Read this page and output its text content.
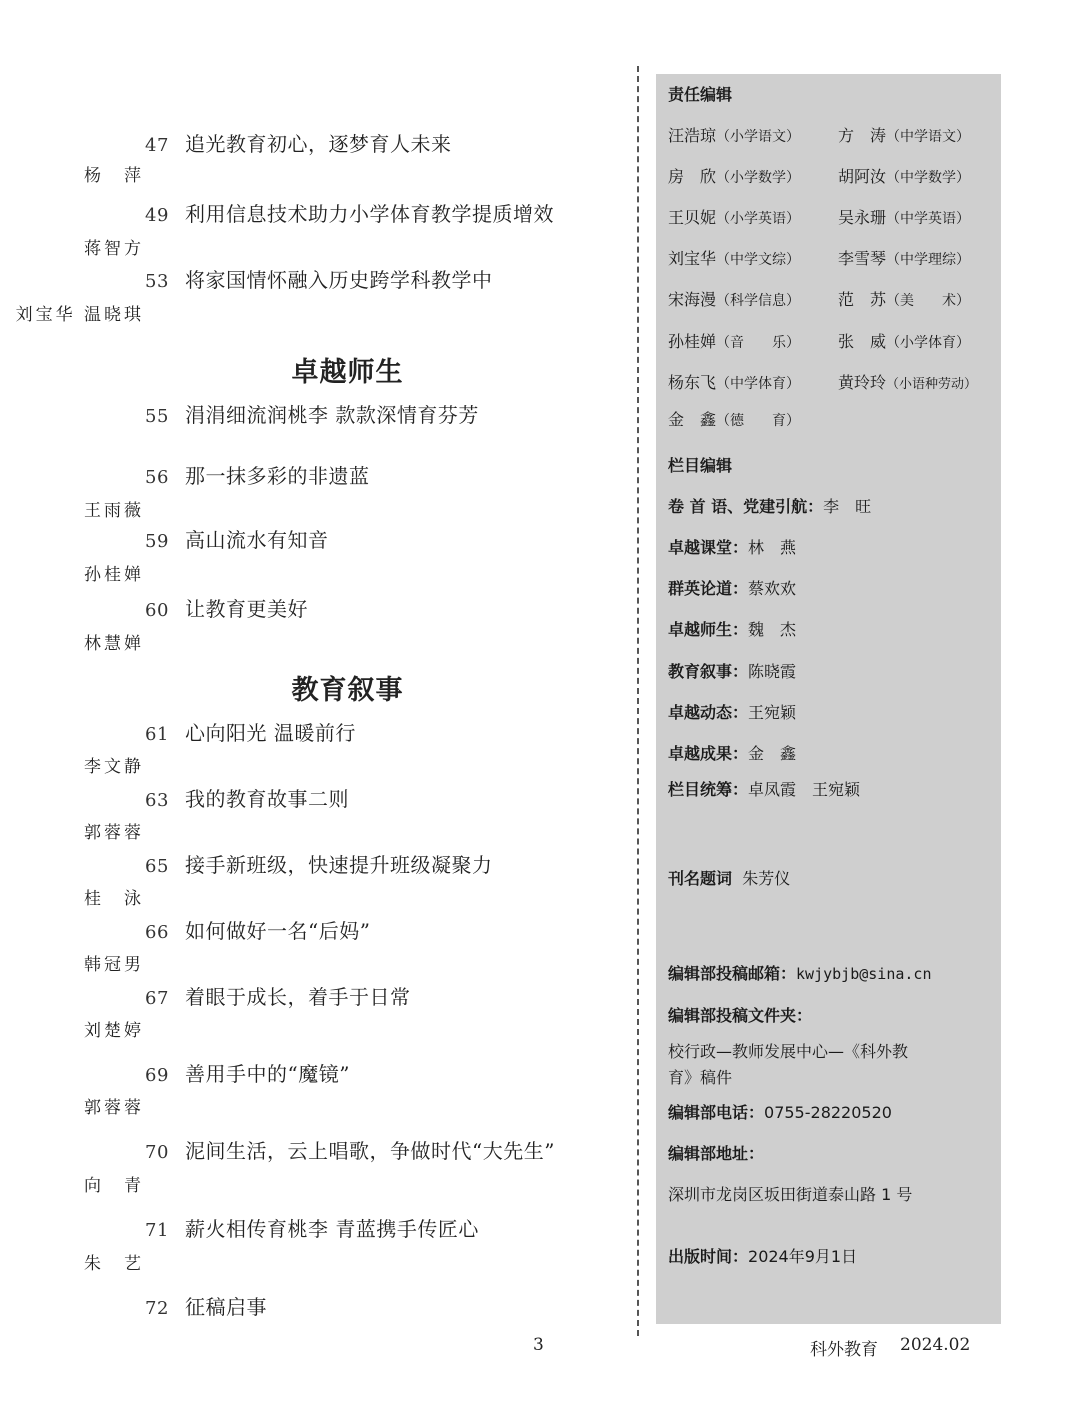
47 追光教育初心，逐梦育人未来
杨　萍
49 利用信息技术助力小学体育教学提质增效
蒋智方
53 将家国情怀融入历史跨学科教学中
刘宝华 温晓琪
卓越师生
55 涓涓细流润桃李 款款深情育芬芳
56 那一抹多彩的非遗蓝
王雨薇
59 高山流水有知音
孙桂婵
60 让教育更美好
林慧婵
教育叙事
61 心向阳光 温暖前行
李文静
63 我的教育故事二则
郭蓉蓉
65 接手新班级，快速提升班级凝聚力
桂　泳
66 如何做好一名“后妈”
韩冠男
67 着眼于成长，着手于日常
刘楚婷
69 善用手中的“魔镜”
郭蓉蓉
70 泥间生活，云上唱歌，争做时代“大先生”
向　青
71 薪火相传育桃李 青蓝携手传匠心
朱　艺
72 征稿启事
责任编辑
汪浩琼（小学语文） 方　涛（中学语文）
房　欣（小学数学） 胡阿汝（中学数学）
王贝妮（小学英语） 吴永珊（中学英语）
刘宝华（中学文综） 李雪琴（中学理综）
宋海漫（科学信息） 范　苏（美　　术）
孙桂婵（音　　乐） 张　威（小学体育）
杨东飞（中学体育） 黄玲玲（小语种劳动）
金　鑫（德　　育）
栏目编辑
卷 首 语、党建引航：李　旺
卓越课堂：林　燕
群英论道：蔡欢欢
卓越师生：魏　杰
教育叙事：陈晓霞
卓越动态：王宛颖
卓越成果：金　鑫
栏目统筹：卓凤霞　王宛颖
刊名题词 朱芳仪
编辑部投稿邮箱：kwjybjb@sina.cn
编辑部投稿文件夹：
校行政—教师发展中心—《科外教
育》稿件
编辑部电话：0755-28220520
编辑部地址：
深圳市龙岗区坂田街道泰山路 1 号
出版时间：2024年9月1日
3	科外教育 2024.02
